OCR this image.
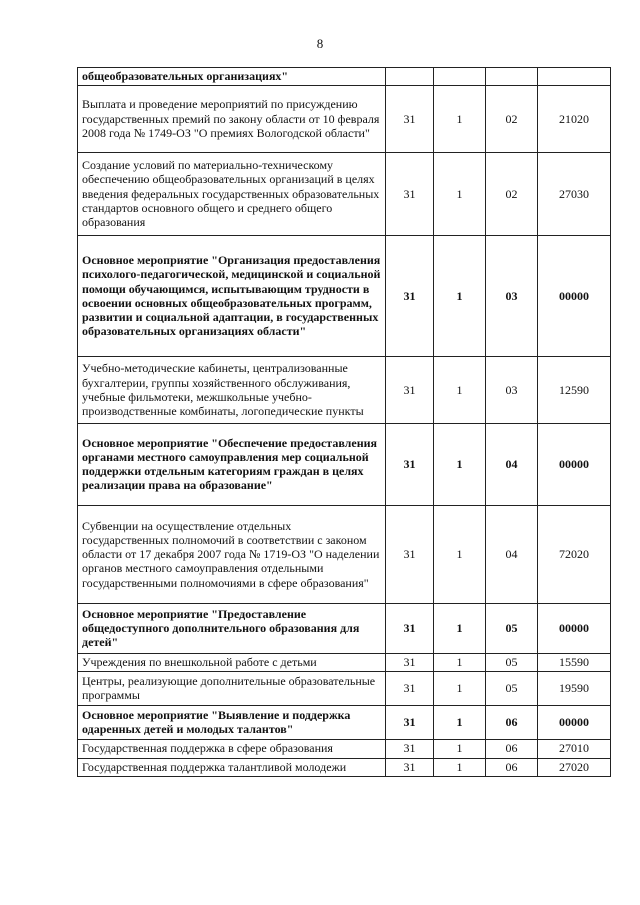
8
общеобразовательных организациях"				
Выплата и проведение мероприятий по присуждению государственных премий по закону области от 10 февраля 2008 года № 1749-ОЗ "О премиях Вологодской области"	31	1	02	21020
Создание условий по материально-техническому обеспечению общеобразовательных организаций в целях введения федеральных государственных образовательных стандартов основного общего и среднего общего образования	31	1	02	27030
Основное мероприятие "Организация предоставления психолого-педагогической, медицинской и социальной помощи обучающимся, испытывающим трудности в освоении основных общеобразовательных программ, развитии и социальной адаптации, в государственных образовательных организациях области"	31	1	03	00000
Учебно-методические кабинеты, централизованные бухгалтерии, группы хозяйственного обслуживания, учебные фильмотеки, межшкольные учебно-производственные комбинаты, логопедические пункты	31	1	03	12590
Основное мероприятие "Обеспечение предоставления органами местного самоуправления мер социальной поддержки отдельным категориям граждан в целях реализации права на образование"	31	1	04	00000
Субвенции на осуществление отдельных государственных полномочий в соответствии с законом области от 17 декабря 2007 года № 1719-ОЗ "О наделении органов местного самоуправления отдельными государственными полномочиями в сфере образования"	31	1	04	72020
Основное мероприятие "Предоставление общедоступного дополнительного образования для детей"	31	1	05	00000
Учреждения по внешкольной работе с детьми	31	1	05	15590
Центры, реализующие дополнительные образовательные программы	31	1	05	19590
Основное мероприятие "Выявление и поддержка одаренных детей и молодых талантов"	31	1	06	00000
Государственная поддержка в сфере образования	31	1	06	27010
Государственная поддержка талантливой молодежи	31	1	06	27020
